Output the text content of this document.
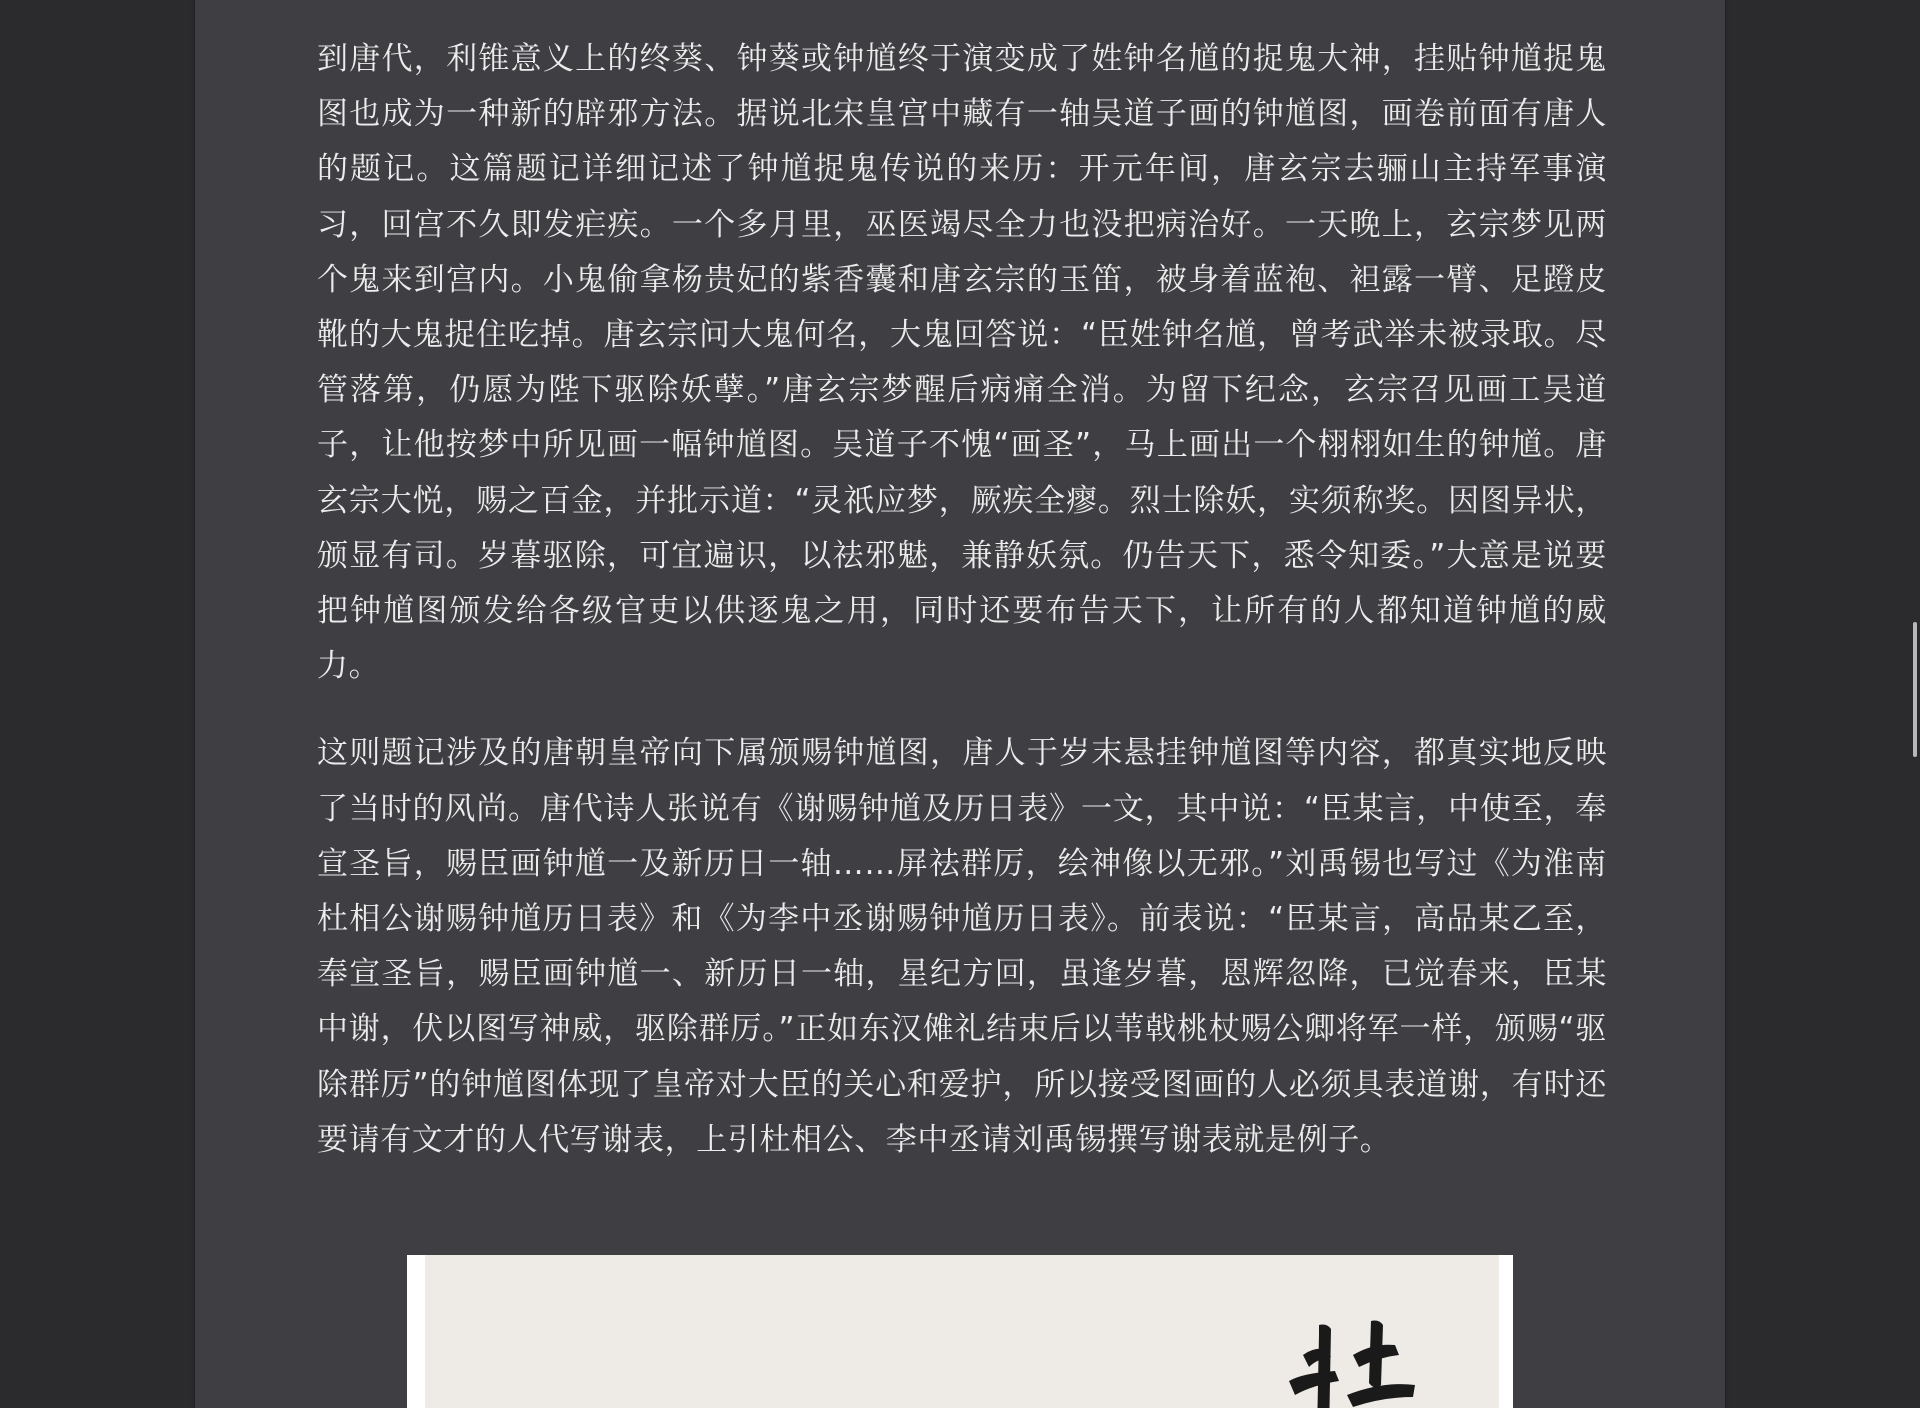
到唐代，利锥意义上的终葵、钟葵或钟馗终于演变成了姓钟名馗的捉鬼大神，挂贴钟馗捉鬼图也成为一种新的辟邪方法。据说北宋皇宫中藏有一轴吴道子画的钟馗图，画卷前面有唐人的题记。这篇题记详细记述了钟馗捉鬼传说的来历：开元年间，唐玄宗去骊山主持军事演习，回宫不久即发疟疾。一个多月里，巫医竭尽全力也没把病治好。一天晚上，玄宗梦见两个鬼来到宫内。小鬼偷拿杨贵妃的紫香囊和唐玄宗的玉笛，被身着蓝袍、袒露一臂、足蹬皮靴的大鬼捉住吃掉。唐玄宗问大鬼何名，大鬼回答说：“臣姓钟名馗，曾考武举未被录取。尽管落第，仍愿为陛下驱除妖孽。”唐玄宗梦醒后病痛全消。为留下纪念，玄宗召见画工吴道子，让他按梦中所见画一幅钟馗图。吴道子不愧“画圣”，马上画出一个栩栩如生的钟馗。唐玄宗大悦，赐之百金，并批示道：“灵祇应梦，厥疾全瘳。烈士除妖，实须称奖。因图异状，颁显有司。岁暮驱除，可宜遍识，以祛邪魅，兼静妖氛。仍告天下，悉令知委。”大意是说要把钟馗图颁发给各级官吏以供逐鬼之用，同时还要布告天下，让所有的人都知道钟馗的威力。

这则题记涉及的唐朝皇帝向下属颁赐钟馗图，唐人于岁末悬挂钟馗图等内容，都真实地反映了当时的风尚。唐代诗人张说有《谢赐钟馗及历日表》一文，其中说：“臣某言，中使至，奉宣圣旨，赐臣画钟馗一及新历日一轴……屏祛群厉，绘神像以无邪。”刘禹锡也写过《为淮南杜相公谢赐钟馗历日表》和《为李中丞谢赐钟馗历日表》。前表说：“臣某言，高品某乙至，奉宣圣旨，赐臣画钟馗一、新历日一轴，星纪方回，虽逢岁暮，恩辉忽降，已觉春来，臣某中谢，伏以图写神威，驱除群厉。”正如东汉傩礼结束后以苇戟桃杖赐公卿将军一样，颁赐“驱除群厉”的钟馗图体现了皇帝对大臣的关心和爱护，所以接受图画的人必须具表道谢，有时还要请有文才的人代写谢表，上引杜相公、李中丞请刘禹锡撰写谢表就是例子。
